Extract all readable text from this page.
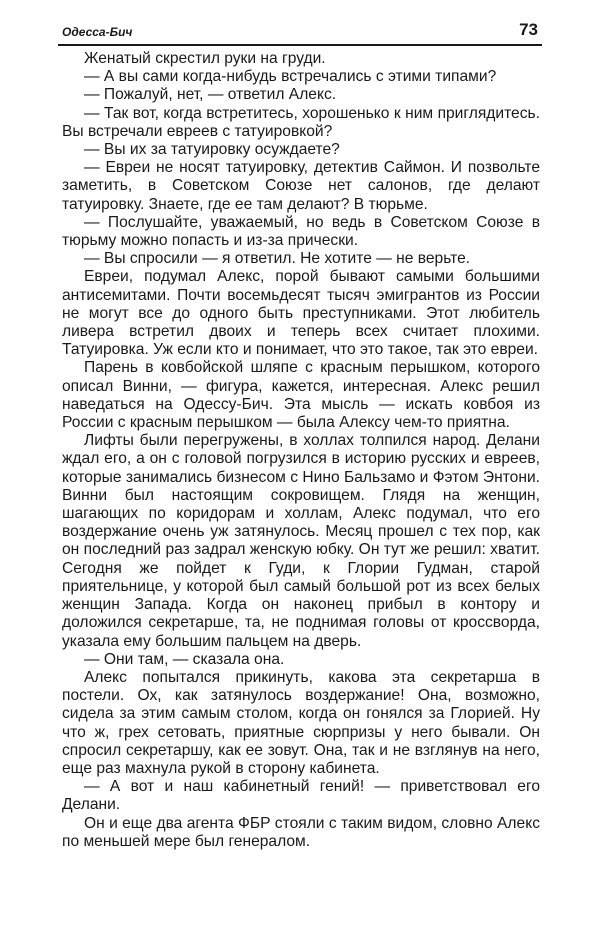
Одесса-Бич	73

Женатый скрестил руки на груди.

— А вы сами когда-нибудь встречались с этими типами?

— Пожалуй, нет, — ответил Алекс.

— Так вот, когда встретитесь, хорошенько к ним приглядитесь. Вы встречали евреев с татуировкой?

— Вы их за татуировку осуждаете?

— Евреи не носят татуировку, детектив Саймон. И позвольте заметить, в Советском Союзе нет салонов, где делают татуировку. Знаете, где ее там делают? В тюрьме.

— Послушайте, уважаемый, но ведь в Советском Союзе в тюрьму можно попасть и из-за прически.

— Вы спросили — я ответил. Не хотите — не верьте.

Евреи, подумал Алекс, порой бывают самыми большими антисемитами. Почти восемьдесят тысяч эмигрантов из России не могут все до одного быть преступниками. Этот любитель ливера встретил двоих и теперь всех считает плохими. Татуировка. Уж если кто и понимает, что это такое, так это евреи.

Парень в ковбойской шляпе с красным перышком, которого описал Винни, — фигура, кажется, интересная. Алекс решил наведаться на Одессу-Бич. Эта мысль — искать ковбоя из России с красным перышком — была Алексу чем-то приятна.

Лифты были перегружены, в холлах толпился народ. Делани ждал его, а он с головой погрузился в историю русских и евреев, которые занимались бизнесом с Нино Бальзамо и Фэтом Энтони. Винни был настоящим сокровищем. Глядя на женщин, шагающих по коридорам и холлам, Алекс подумал, что его воздержание очень уж затянулось. Месяц прошел с тех пор, как он последний раз задрал женскую юбку. Он тут же решил: хватит. Сегодня же пойдет к Гуди, к Глории Гудман, старой приятельнице, у которой был самый большой рот из всех белых женщин Запада. Когда он наконец прибыл в контору и доложился секретарше, та, не поднимая головы от кроссворда, указала ему большим пальцем на дверь.

— Они там, — сказала она.

Алекс попытался прикинуть, какова эта секретарша в постели. Ох, как затянулось воздержание! Она, возможно, сидела за этим самым столом, когда он гонялся за Глорией. Ну что ж, грех сетовать, приятные сюрпризы у него бывали. Он спросил секретаршу, как ее зовут. Она, так и не взглянув на него, еще раз махнула рукой в сторону кабинета.

— А вот и наш кабинетный гений! — приветствовал его Делани.

Он и еще два агента ФБР стояли с таким видом, словно Алекс по меньшей мере был генералом.
